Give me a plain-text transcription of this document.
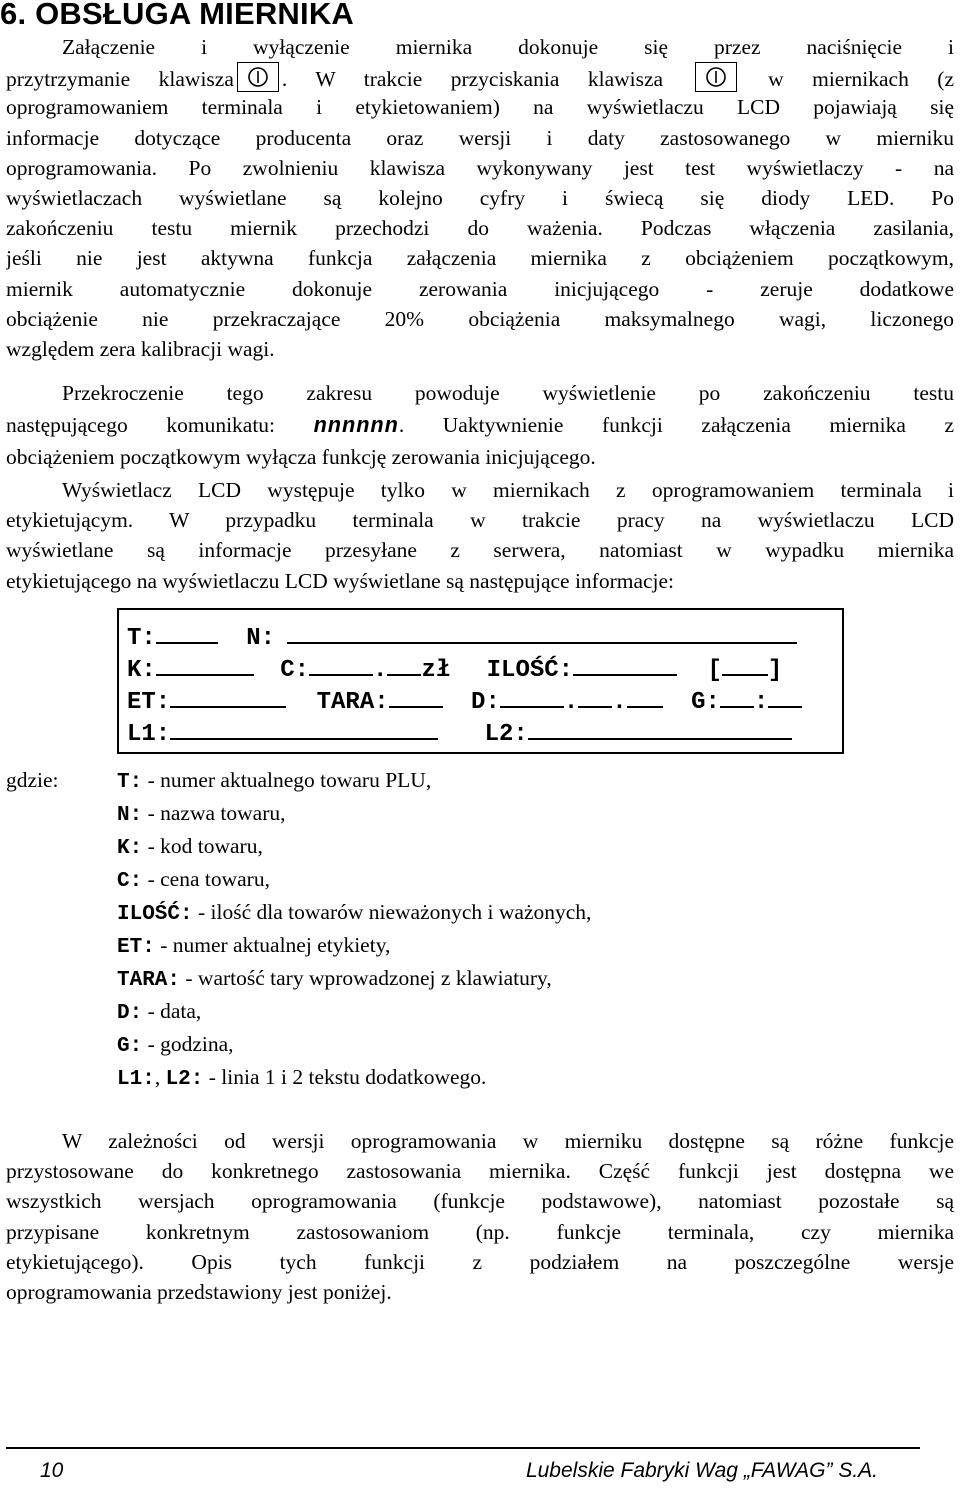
6. OBSŁUGA MIERNIKA
Załączenie i wyłączenie miernika dokonuje się przez naciśnięcie i
przytrzymanie klawisza . W trakcie przyciskania klawisza	w miernikach (z
oprogramowaniem terminala i etykietowaniem) na wyświetlaczu LCD pojawiają się
informacje dotyczące producenta oraz wersji i daty zastosowanego w mierniku
oprogramowania. Po zwolnieniu klawisza wykonywany jest test wyświetlaczy - na
wyświetlaczach wyświetlane są kolejno cyfry i świecą się diody LED. Po
zakończeniu testu miernik przechodzi do ważenia. Podczas włączenia zasilania,
jeśli nie jest aktywna funkcja załączenia miernika z obciążeniem początkowym,
miernik automatycznie dokonuje zerowania inicjującego - zeruje dodatkowe
obciążenie nie przekraczające 20% obciążenia maksymalnego wagi, liczonego
względem zera kalibracji wagi.
Przekroczenie tego zakresu powoduje wyświetlenie po zakończeniu testu
następującego komunikatu: nnnnnn. Uaktywnienie funkcji załączenia miernika z
obciążeniem początkowym wyłącza funkcję zerowania inicjującego.
Wyświetlacz LCD występuje tylko w miernikach z oprogramowaniem terminala i
etykietującym. W przypadku terminala w trakcie pracy na wyświetlaczu LCD
wyświetlane są informacje przesyłane z serwera, natomiast w wypadku miernika
etykietującego na wyświetlaczu LCD wyświetlane są następujące informacje:
T:	N:
K:	C:	. zł ILOŚĆ:	[ ]
ET:	TARA:	D:	. .	G: :
L1:	L2:
gdzie:	T: - numer aktualnego towaru PLU,
N: - nazwa towaru,
K: - kod towaru,
C: - cena towaru,
ILOŚĆ: - ilość dla towarów nieważonych i ważonych,
ET: - numer aktualnej etykiety,
TARA: - wartość tary wprowadzonej z klawiatury,
D: - data,
G: - godzina,
L1:, L2: - linia 1 i 2 tekstu dodatkowego.
W zależności od wersji oprogramowania w mierniku dostępne są różne funkcje
przystosowane do konkretnego zastosowania miernika. Część funkcji jest dostępna we
wszystkich wersjach oprogramowania (funkcje podstawowe), natomiast pozostałe są
przypisane konkretnym zastosowaniom (np. funkcje terminala, czy miernika
etykietującego). Opis tych funkcji z podziałem na poszczególne wersje
oprogramowania przedstawiony jest poniżej.
10	Lubelskie Fabryki Wag „FAWAG” S.A.
